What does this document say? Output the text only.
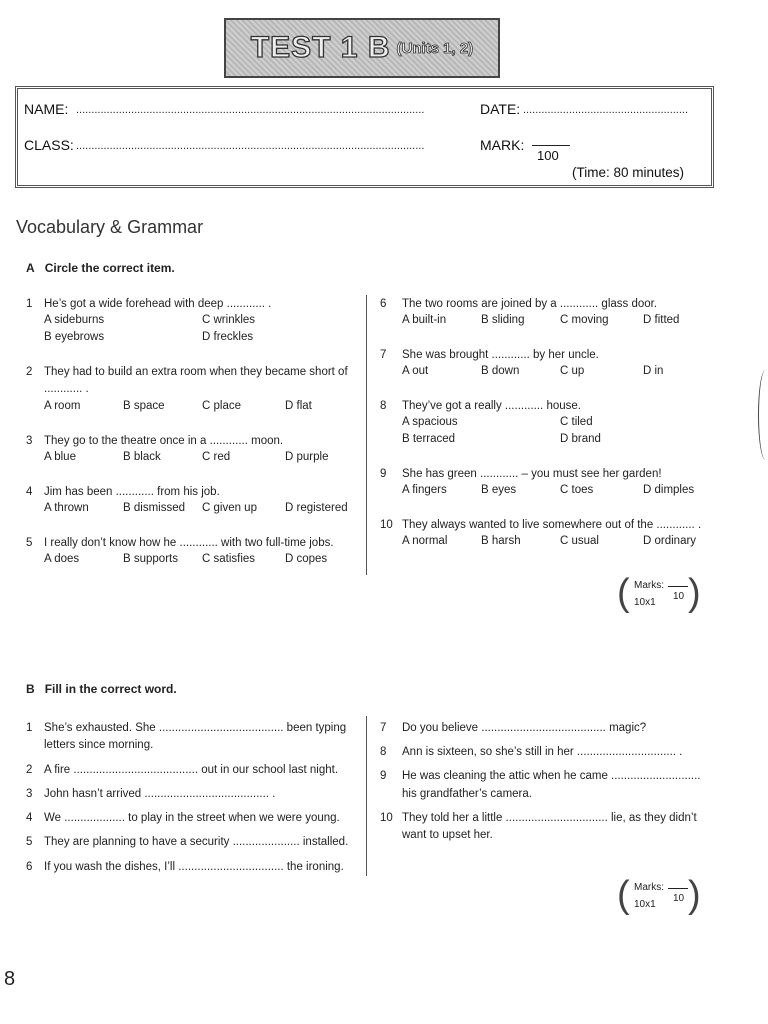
TEST 1 B (Units 1, 2)
NAME: ..................................................................................................................	DATE: ......................................................
CLASS: ..................................................................................................................	MARK:
100
(Time: 80 minutes)
Vocabulary & Grammar
A Circle the correct item.
1 He’s got a wide forehead with deep ............ .
A sideburns	C wrinkles
B eyebrows	D freckles
2 They had to build an extra room when they became short of
............ .
A room	B space	C place	D flat
3 They go to the theatre once in a ............ moon.
A blue	B black	C red	D purple
4 Jim has been ............ from his job.
A thrown	B dismissed C given up D registered
5 I really don’t know how he ............ with two full-time jobs.
A does	B supports C satisfies	D copes
6 The two rooms are joined by a ............ glass door.
A built-in	B sliding	C moving	D fitted
7 She was brought ............ by her uncle.
A out	B down	C up	D in
8 They’ve got a really ............ house.
A spacious	C tiled
B terraced	D brand
9 She has green ............ – you must see her garden!
A fingers	B eyes	C toes	D dimples
10 They always wanted to live somewhere out of the ............ .
A normal	B harsh	C usual	D ordinary
( Marks:
10
10x1 )
B Fill in the correct word.
1 She’s exhausted. She ....................................... been typing
letters since morning.
2 A fire ....................................... out in our school last night.
3 John hasn’t arrived ....................................... .
4 We ................... to play in the street when we were young.
5 They are planning to have a security ..................... installed.
6 If you wash the dishes, I’ll ................................. the ironing.
7 Do you believe ....................................... magic?
8 Ann is sixteen, so she’s still in her ............................... .
9 He was cleaning the attic when he came ............................
his grandfather’s camera.
10 They told her a little ................................ lie, as they didn’t
want to upset her.
( Marks:
10
10x1 )
8
